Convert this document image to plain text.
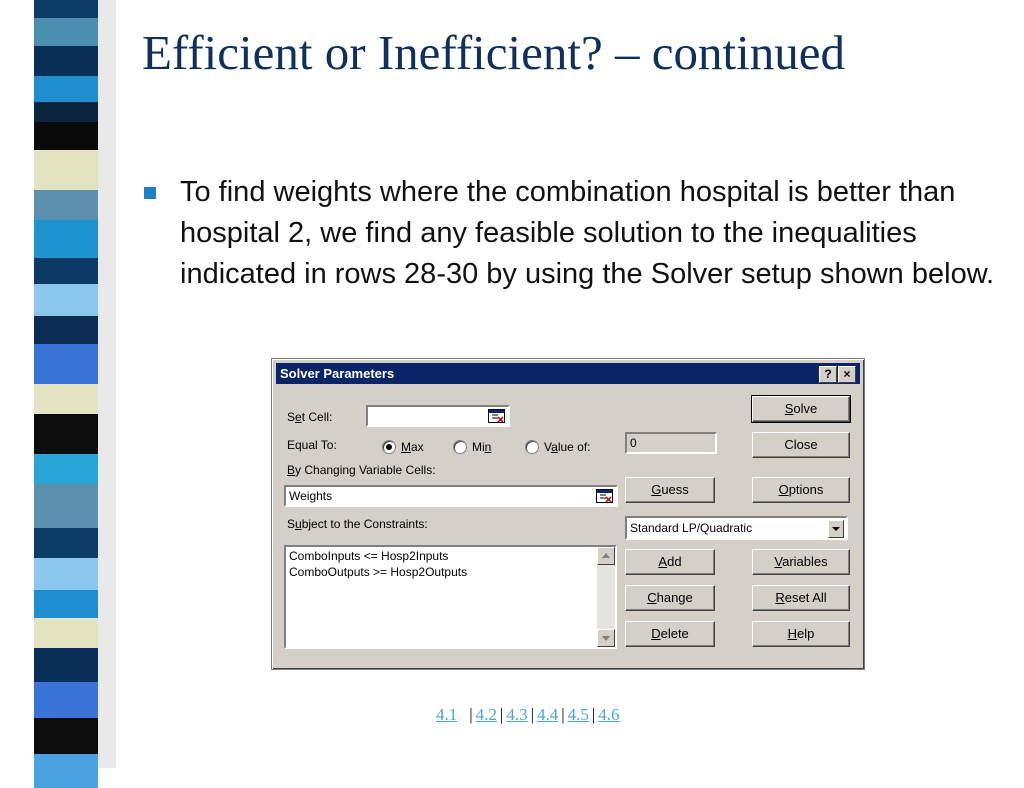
Efficient or Inefficient? – continued
To find weights where the combination hospital is better than hospital 2, we find any feasible solution to the inequalities indicated in rows 28-30 by using the Solver setup shown below.
Solver Parameters	? ×
Set Cell:
Equal To:	Max	Min	Value of:	0
By Changing Variable Cells:
Weights
Subject to the Constraints:
ComboInputs <= Hosp2Inputs
ComboOutputs >= Hosp2Outputs
Standard LP/Quadratic
Solve
Close
Options
Variables
Reset All
Help
Guess
Add
Change
Delete
4.1 | 4.2 | 4.3 | 4.4 | 4.5 | 4.6
